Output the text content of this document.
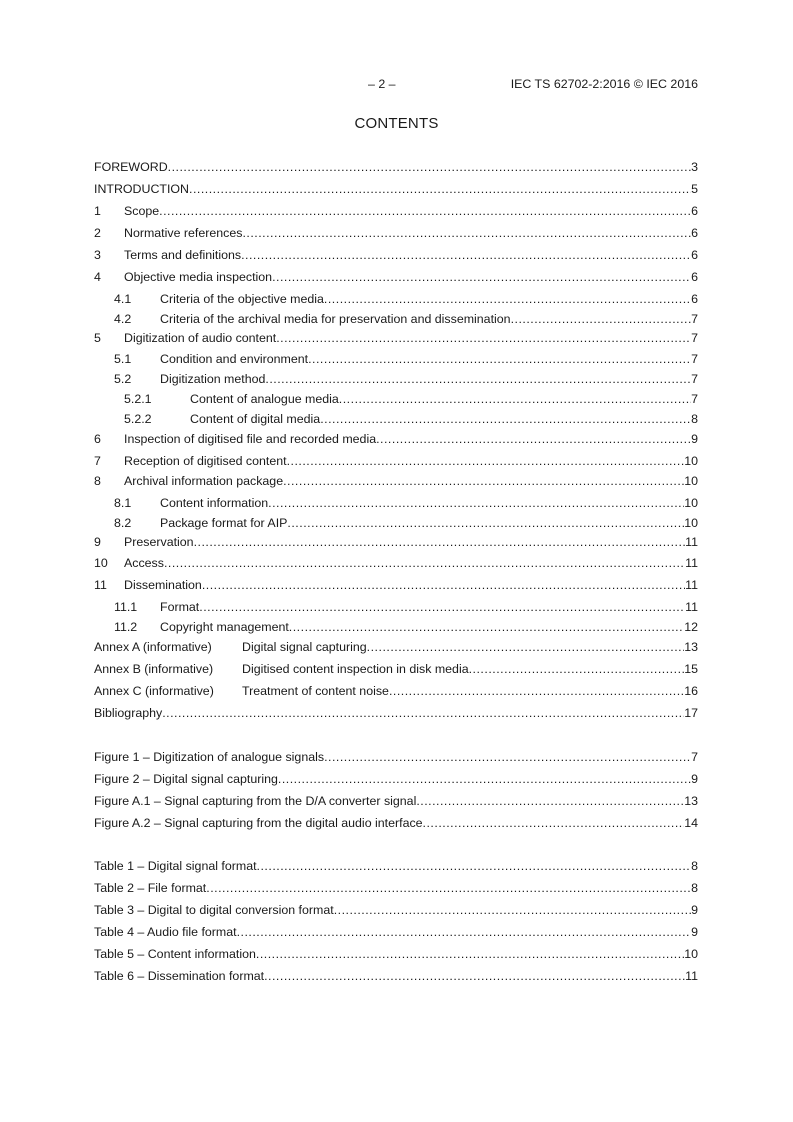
– 2 –	IEC TS 62702-2:2016 © IEC 2016
CONTENTS
FOREWORD .....	3
INTRODUCTION .....	5
1	Scope .....	6
2	Normative references .....	6
3	Terms and definitions .....	6
4	Objective media inspection .....	6
4.1	Criteria of the objective media .....	6
4.2	Criteria of the archival media for preservation and dissemination .....	7
5	Digitization of audio content .....	7
5.1	Condition and environment .....	7
5.2	Digitization method .....	7
5.2.1	Content of analogue media .....	7
5.2.2	Content of digital media .....	8
6	Inspection of digitised file and recorded media .....	9
7	Reception of digitised content .....	10
8	Archival information package .....	10
8.1	Content information .....	10
8.2	Package format for AIP .....	10
9	Preservation .....	11
10	Access .....	11
11	Dissemination .....	11
11.1	Format .....	11
11.2	Copyright management .....	12
Annex A (informative)	Digital signal capturing .....	13
Annex B (informative)	Digitised content inspection in disk media .....	15
Annex C (informative)	Treatment of content noise .....	16
Bibliography .....	17
Figure 1 – Digitization of analogue signals .....	7
Figure 2 – Digital signal capturing .....	9
Figure A.1 – Signal capturing from the D/A converter signal .....	13
Figure A.2 – Signal capturing from the digital audio interface .....	14
Table 1 – Digital signal format .....	8
Table 2 – File format .....	8
Table 3 – Digital to digital conversion format .....	9
Table 4 – Audio file format .....	9
Table 5 – Content information .....	10
Table 6 – Dissemination format .....	11
